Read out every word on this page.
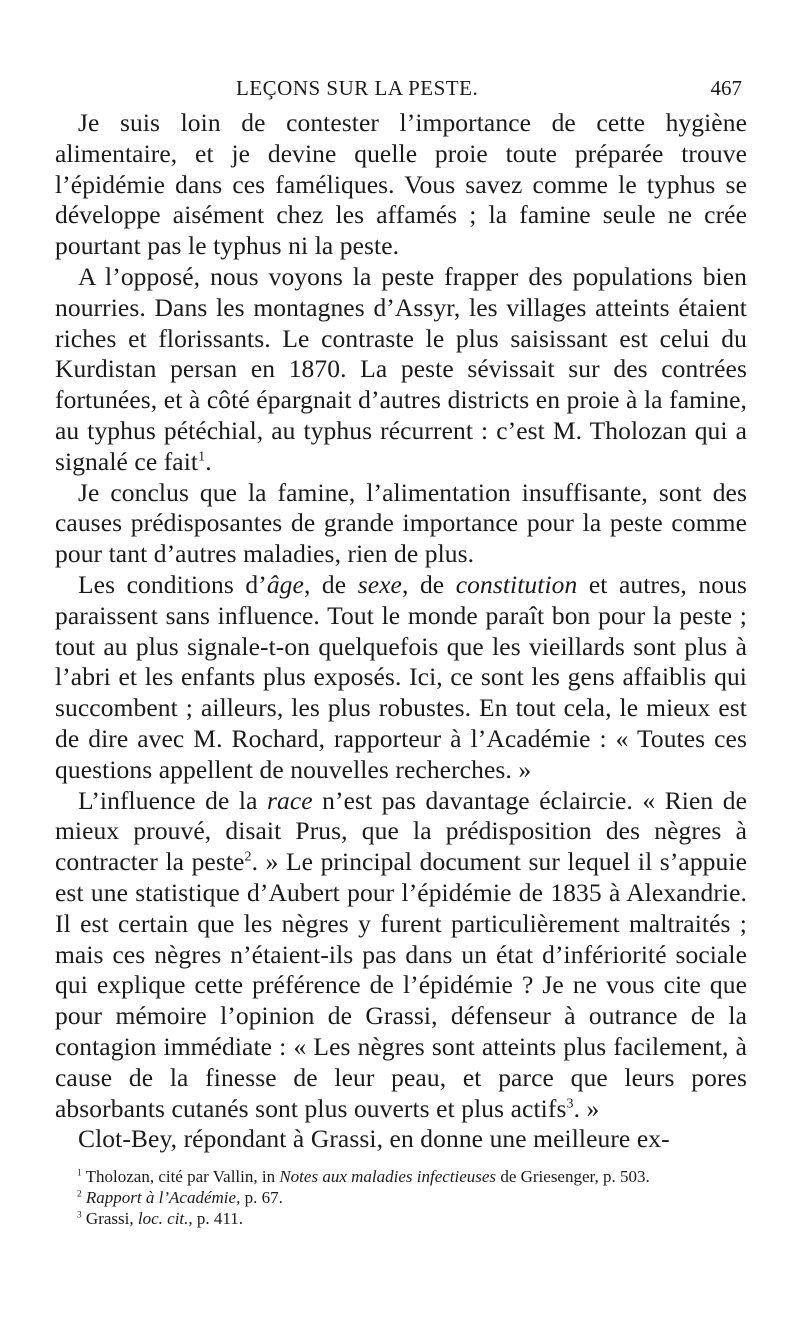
LEÇONS SUR LA PESTE.	467

Je suis loin de contester l’importance de cette hygiène alimentaire, et je devine quelle proie toute préparée trouve l’épidémie dans ces faméliques. Vous savez comme le typhus se développe aisément chez les affamés ; la famine seule ne crée pourtant pas le typhus ni la peste.

A l’opposé, nous voyons la peste frapper des populations bien nourries. Dans les montagnes d’Assyr, les villages atteints étaient riches et florissants. Le contraste le plus saisissant est celui du Kurdistan persan en 1870. La peste sévissait sur des contrées fortunées, et à côté épargnait d’autres districts en proie à la famine, au typhus pétéchial, au typhus récurrent : c’est M. Tholozan qui a signalé ce fait$^1$.

Je conclus que la famine, l’alimentation insuffisante, sont des causes prédisposantes de grande importance pour la peste comme pour tant d’autres maladies, rien de plus.

Les conditions d’âge, de sexe, de constitution et autres, nous paraissent sans influence. Tout le monde paraît bon pour la peste ; tout au plus signale-t-on quelquefois que les vieillards sont plus à l’abri et les enfants plus exposés. Ici, ce sont les gens affaiblis qui succombent ; ailleurs, les plus robustes. En tout cela, le mieux est de dire avec M. Rochard, rapporteur à l’Académie : « Toutes ces questions appellent de nouvelles recherches. »

L’influence de la race n’est pas davantage éclaircie. « Rien de mieux prouvé, disait Prus, que la prédisposition des nègres à contracter la peste$^2$. » Le principal document sur lequel il s’appuie est une statistique d’Aubert pour l’épidémie de 1835 à Alexandrie. Il est certain que les nègres y furent particulièrement maltraités ; mais ces nègres n’étaient-ils pas dans un état d’infériorité sociale qui explique cette préférence de l’épidémie ? Je ne vous cite que pour mémoire l’opinion de Grassi, défenseur à outrance de la contagion immédiate : « Les nègres sont atteints plus facilement, à cause de la finesse de leur peau, et parce que leurs pores absorbants cutanés sont plus ouverts et plus actifs$^3$. »

Clot-Bey, répondant à Grassi, en donne une meilleure ex-

$^1$ Tholozan, cité par Vallin, in Notes aux maladies infectieuses de Griesenger, p. 503.

$^2$ Rapport à l’Académie, p. 67.

$^3$ Grassi, loc. cit., p. 411.
